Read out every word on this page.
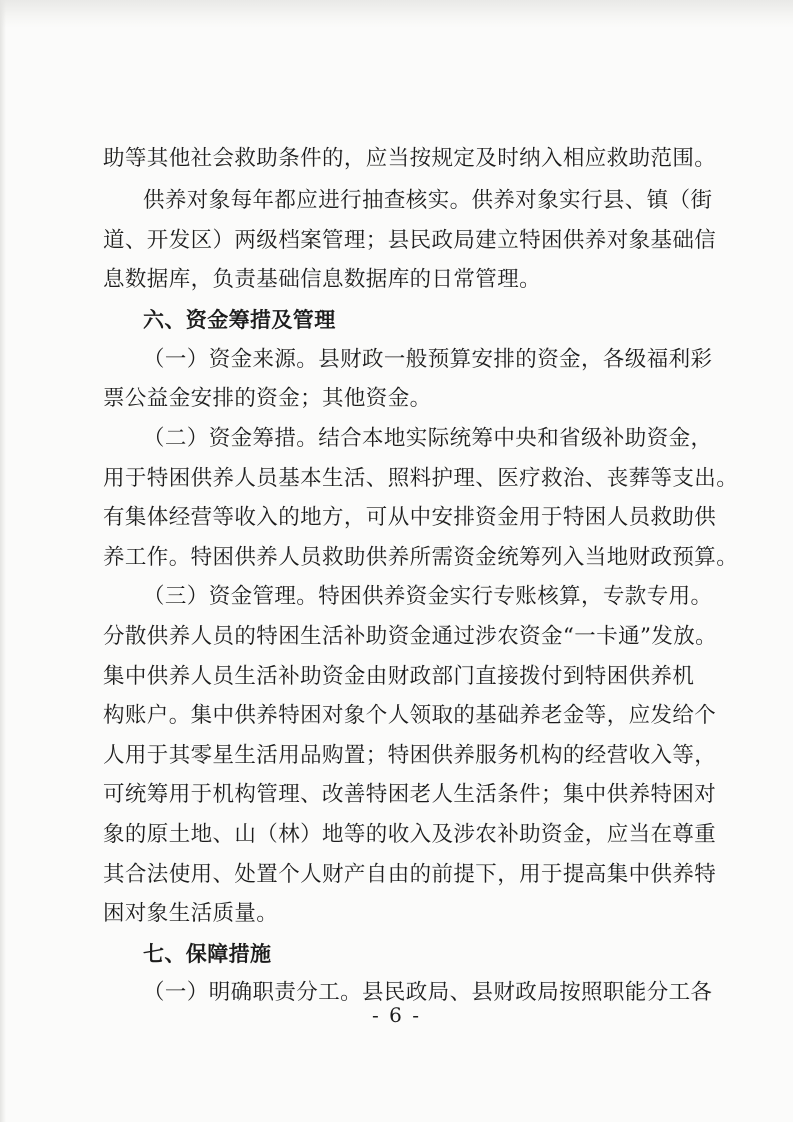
助等其他社会救助条件的，应当按规定及时纳入相应救助范围。
供养对象每年都应进行抽查核实。供养对象实行县、镇（街
道、开发区）两级档案管理；县民政局建立特困供养对象基础信
息数据库，负责基础信息数据库的日常管理。
六、资金筹措及管理
（一）资金来源。县财政一般预算安排的资金，各级福利彩
票公益金安排的资金；其他资金。
（二）资金筹措。结合本地实际统筹中央和省级补助资金，
用于特困供养人员基本生活、照料护理、医疗救治、丧葬等支出。
有集体经营等收入的地方，可从中安排资金用于特困人员救助供
养工作。特困供养人员救助供养所需资金统筹列入当地财政预算。
（三）资金管理。特困供养资金实行专账核算，专款专用。
分散供养人员的特困生活补助资金通过涉农资金“一卡通”发放。
集中供养人员生活补助资金由财政部门直接拨付到特困供养机
构账户。集中供养特困对象个人领取的基础养老金等，应发给个
人用于其零星生活用品购置；特困供养服务机构的经营收入等，
可统筹用于机构管理、改善特困老人生活条件；集中供养特困对
象的原土地、山（林）地等的收入及涉农补助资金，应当在尊重
其合法使用、处置个人财产自由的前提下，用于提高集中供养特
困对象生活质量。
七、保障措施
（一）明确职责分工。县民政局、县财政局按照职能分工各
- 6 -
